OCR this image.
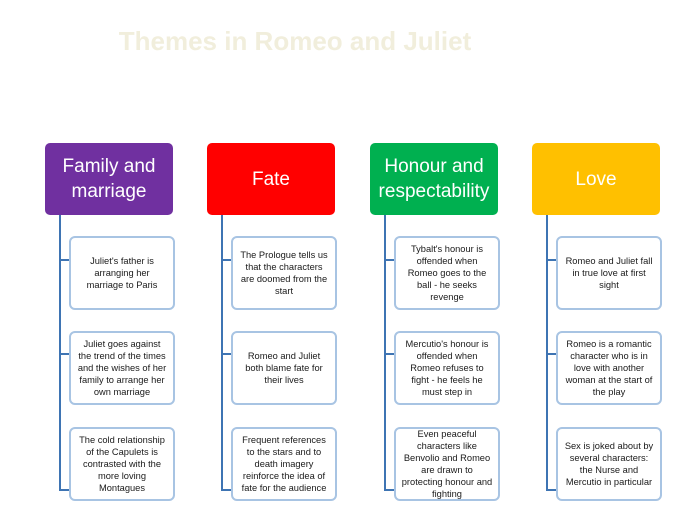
Themes in Romeo and Juliet
Family and marriage
Juliet's father is arranging her marriage to Paris
Juliet goes against the trend of the times and the wishes of her family to arrange her own marriage
The cold relationship of the Capulets is contrasted with the more loving Montagues
Fate
The Prologue tells us that the characters are doomed from the start
Romeo and Juliet both blame fate for their lives
Frequent references to the stars and to death imagery reinforce the idea of fate for the audience
Honour and respectability
Tybalt's honour is offended when Romeo goes to the ball - he seeks revenge
Mercutio's honour is offended when Romeo refuses to fight - he feels he must step in
Even peaceful characters like Benvolio and Romeo are drawn to protecting honour and fighting
Love
Romeo and Juliet fall in true love at first sight
Romeo is a romantic character who is in love with another woman at the start of the play
Sex is joked about by several characters: the Nurse and Mercutio in particular
